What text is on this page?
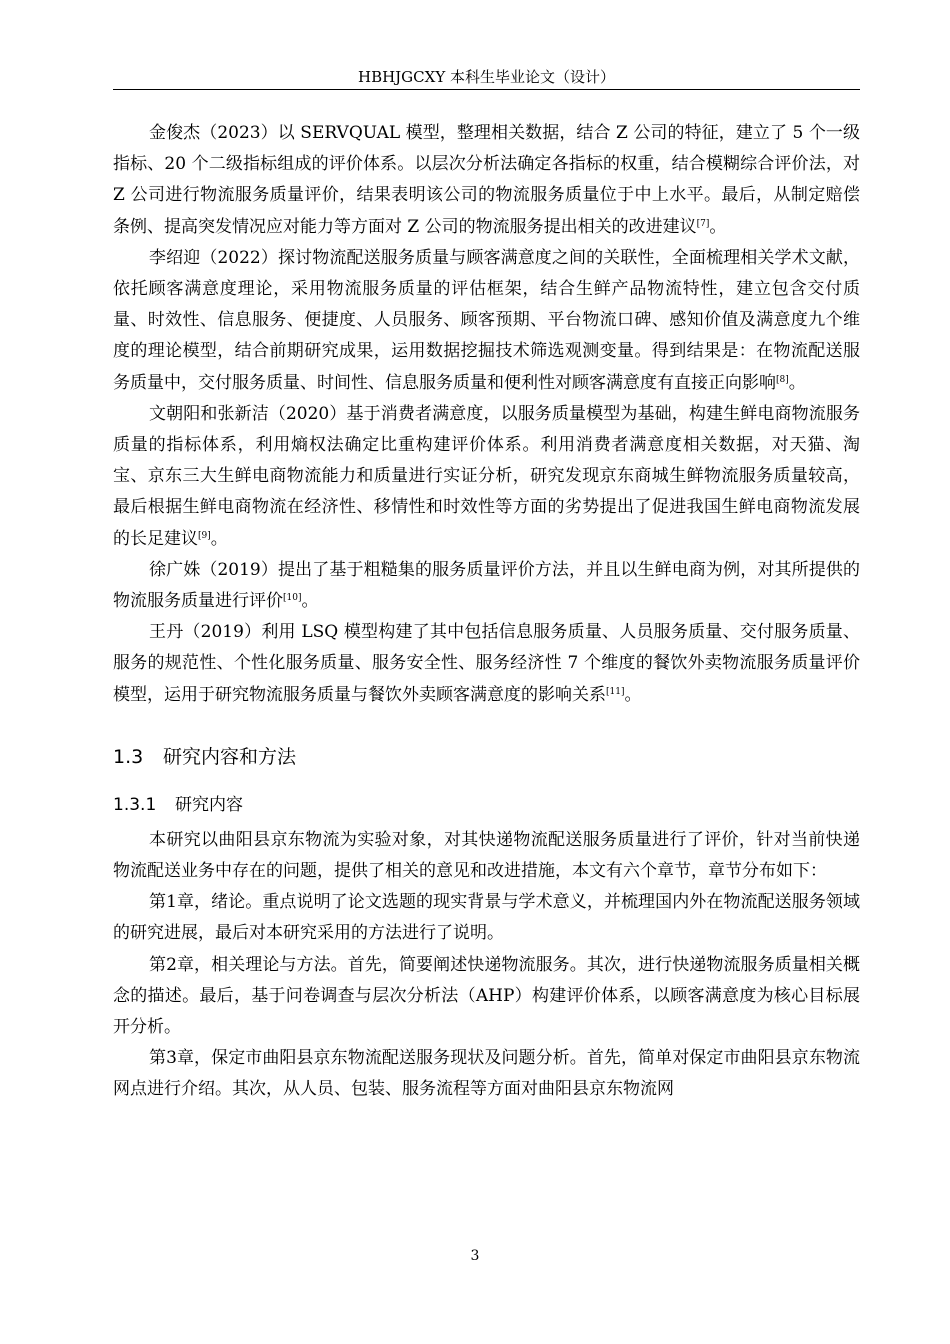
HBHJGCXY 本科生毕业论文（设计）

金俊杰（2023）以 SERVQUAL 模型，整理相关数据，结合 Z 公司的特征，建立了 5 个一级指标、20 个二级指标组成的评价体系。以层次分析法确定各指标的权重，结合模糊综合评价法，对 Z 公司进行物流服务质量评价，结果表明该公司的物流服务质量位于中上水平。最后，从制定赔偿条例、提高突发情况应对能力等方面对 Z 公司的物流服务提出相关的改进建议[7]。

李绍迎（2022）探讨物流配送服务质量与顾客满意度之间的关联性，全面梳理相关学术文献，依托顾客满意度理论，采用物流服务质量的评估框架，结合生鲜产品物流特性，建立包含交付质量、时效性、信息服务、便捷度、人员服务、顾客预期、平台物流口碑、感知价值及满意度九个维度的理论模型，结合前期研究成果，运用数据挖掘技术筛选观测变量。得到结果是：在物流配送服务质量中，交付服务质量、时间性、信息服务质量和便利性对顾客满意度有直接正向影响[8]。

文朝阳和张新洁（2020）基于消费者满意度，以服务质量模型为基础，构建生鲜电商物流服务质量的指标体系，利用熵权法确定比重构建评价体系。利用消费者满意度相关数据，对天猫、淘宝、京东三大生鲜电商物流能力和质量进行实证分析，研究发现京东商城生鲜物流服务质量较高，最后根据生鲜电商物流在经济性、移情性和时效性等方面的劣势提出了促进我国生鲜电商物流发展的长足建议[9]。

徐广姝（2019）提出了基于粗糙集的服务质量评价方法，并且以生鲜电商为例，对其所提供的物流服务质量进行评价[10]。

王丹（2019）利用 LSQ 模型构建了其中包括信息服务质量、人员服务质量、交付服务质量、服务的规范性、个性化服务质量、服务安全性、服务经济性 7 个维度的餐饮外卖物流服务质量评价模型，运用于研究物流服务质量与餐饮外卖顾客满意度的影响关系[11]。

1.3 研究内容和方法
1.3.1 研究内容

本研究以曲阳县京东物流为实验对象，对其快递物流配送服务质量进行了评价，针对当前快递物流配送业务中存在的问题，提供了相关的意见和改进措施，本文有六个章节，章节分布如下：

第1章，绪论。重点说明了论文选题的现实背景与学术意义，并梳理国内外在物流配送服务领域的研究进展，最后对本研究采用的方法进行了说明。

第2章，相关理论与方法。首先，简要阐述快递物流服务。其次，进行快递物流服务质量相关概念的描述。最后，基于问卷调查与层次分析法（AHP）构建评价体系，以顾客满意度为核心目标展开分析。

第3章，保定市曲阳县京东物流配送服务现状及问题分析。首先，简单对保定市曲阳县京东物流网点进行介绍。其次，从人员、包装、服务流程等方面对曲阳县京东物流网

3
